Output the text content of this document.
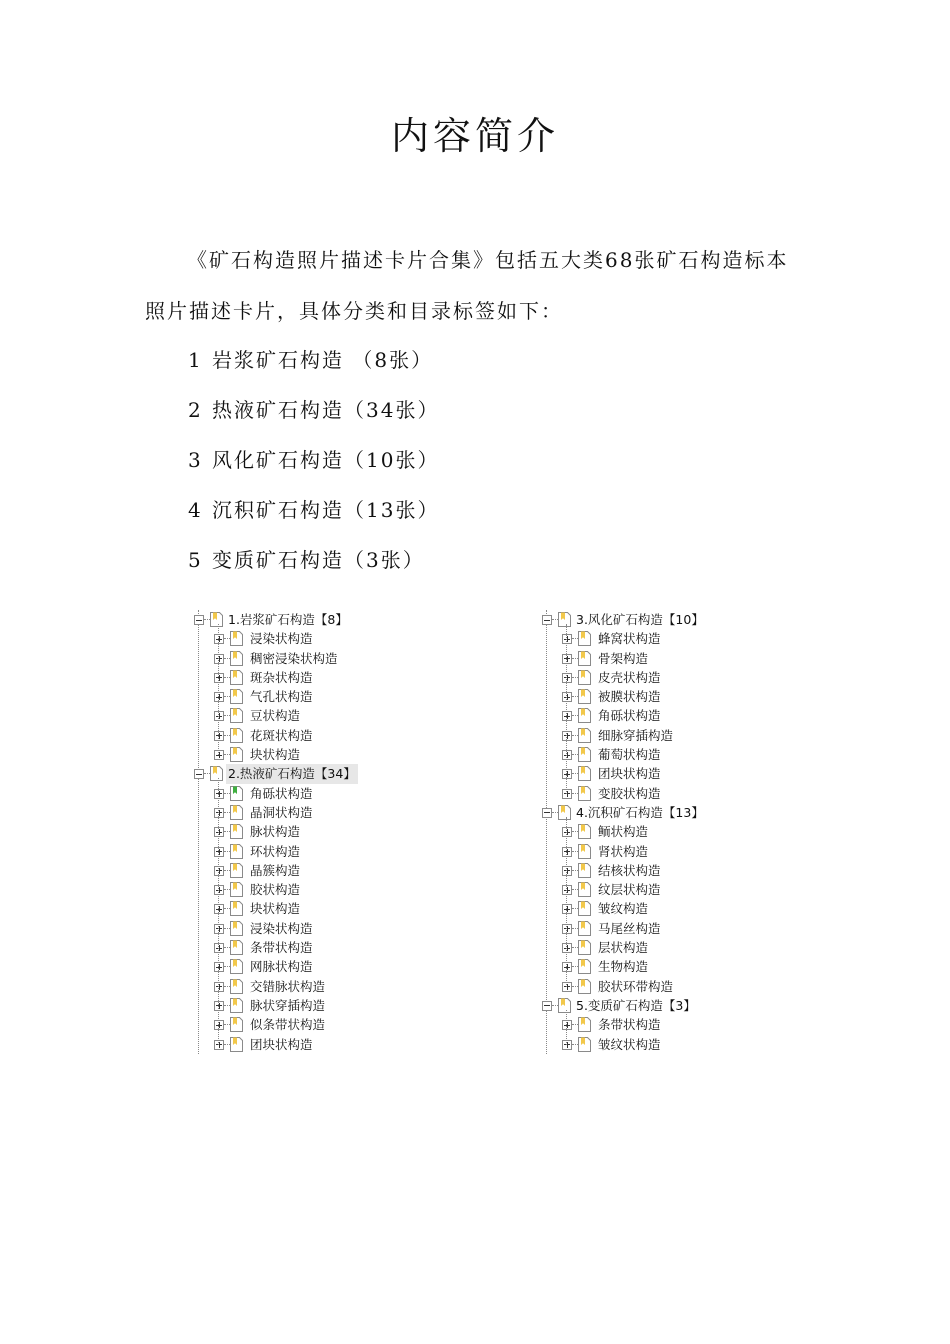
内容简介

《矿石构造照片描述卡片合集》包括五大类68张矿石构造标本

照片描述卡片，具体分类和目录标签如下：

1 岩浆矿石构造 （8张）
2 热液矿石构造（34张）
3 风化矿石构造（10张）
4 沉积矿石构造（13张）
5 变质矿石构造（3张）
1.岩浆矿石构造【8】
浸染状构造
稠密浸染状构造
斑杂状构造
气孔状构造
豆状构造
花斑状构造
块状构造
2.热液矿石构造【34】
角砾状构造
晶洞状构造
脉状构造
环状构造
晶簇构造
胶状构造
块状构造
浸染状构造
条带状构造
网脉状构造
交错脉状构造
脉状穿插构造
似条带状构造
团块状构造
3.风化矿石构造【10】
蜂窝状构造
骨架构造
皮壳状构造
被膜状构造
角砾状构造
细脉穿插构造
葡萄状构造
团块状构造
变胶状构造
4.沉积矿石构造【13】
鲕状构造
肾状构造
结核状构造
纹层状构造
皱纹构造
马尾丝构造
层状构造
生物构造
胶状环带构造
5.变质矿石构造【3】
条带状构造
皱纹状构造
